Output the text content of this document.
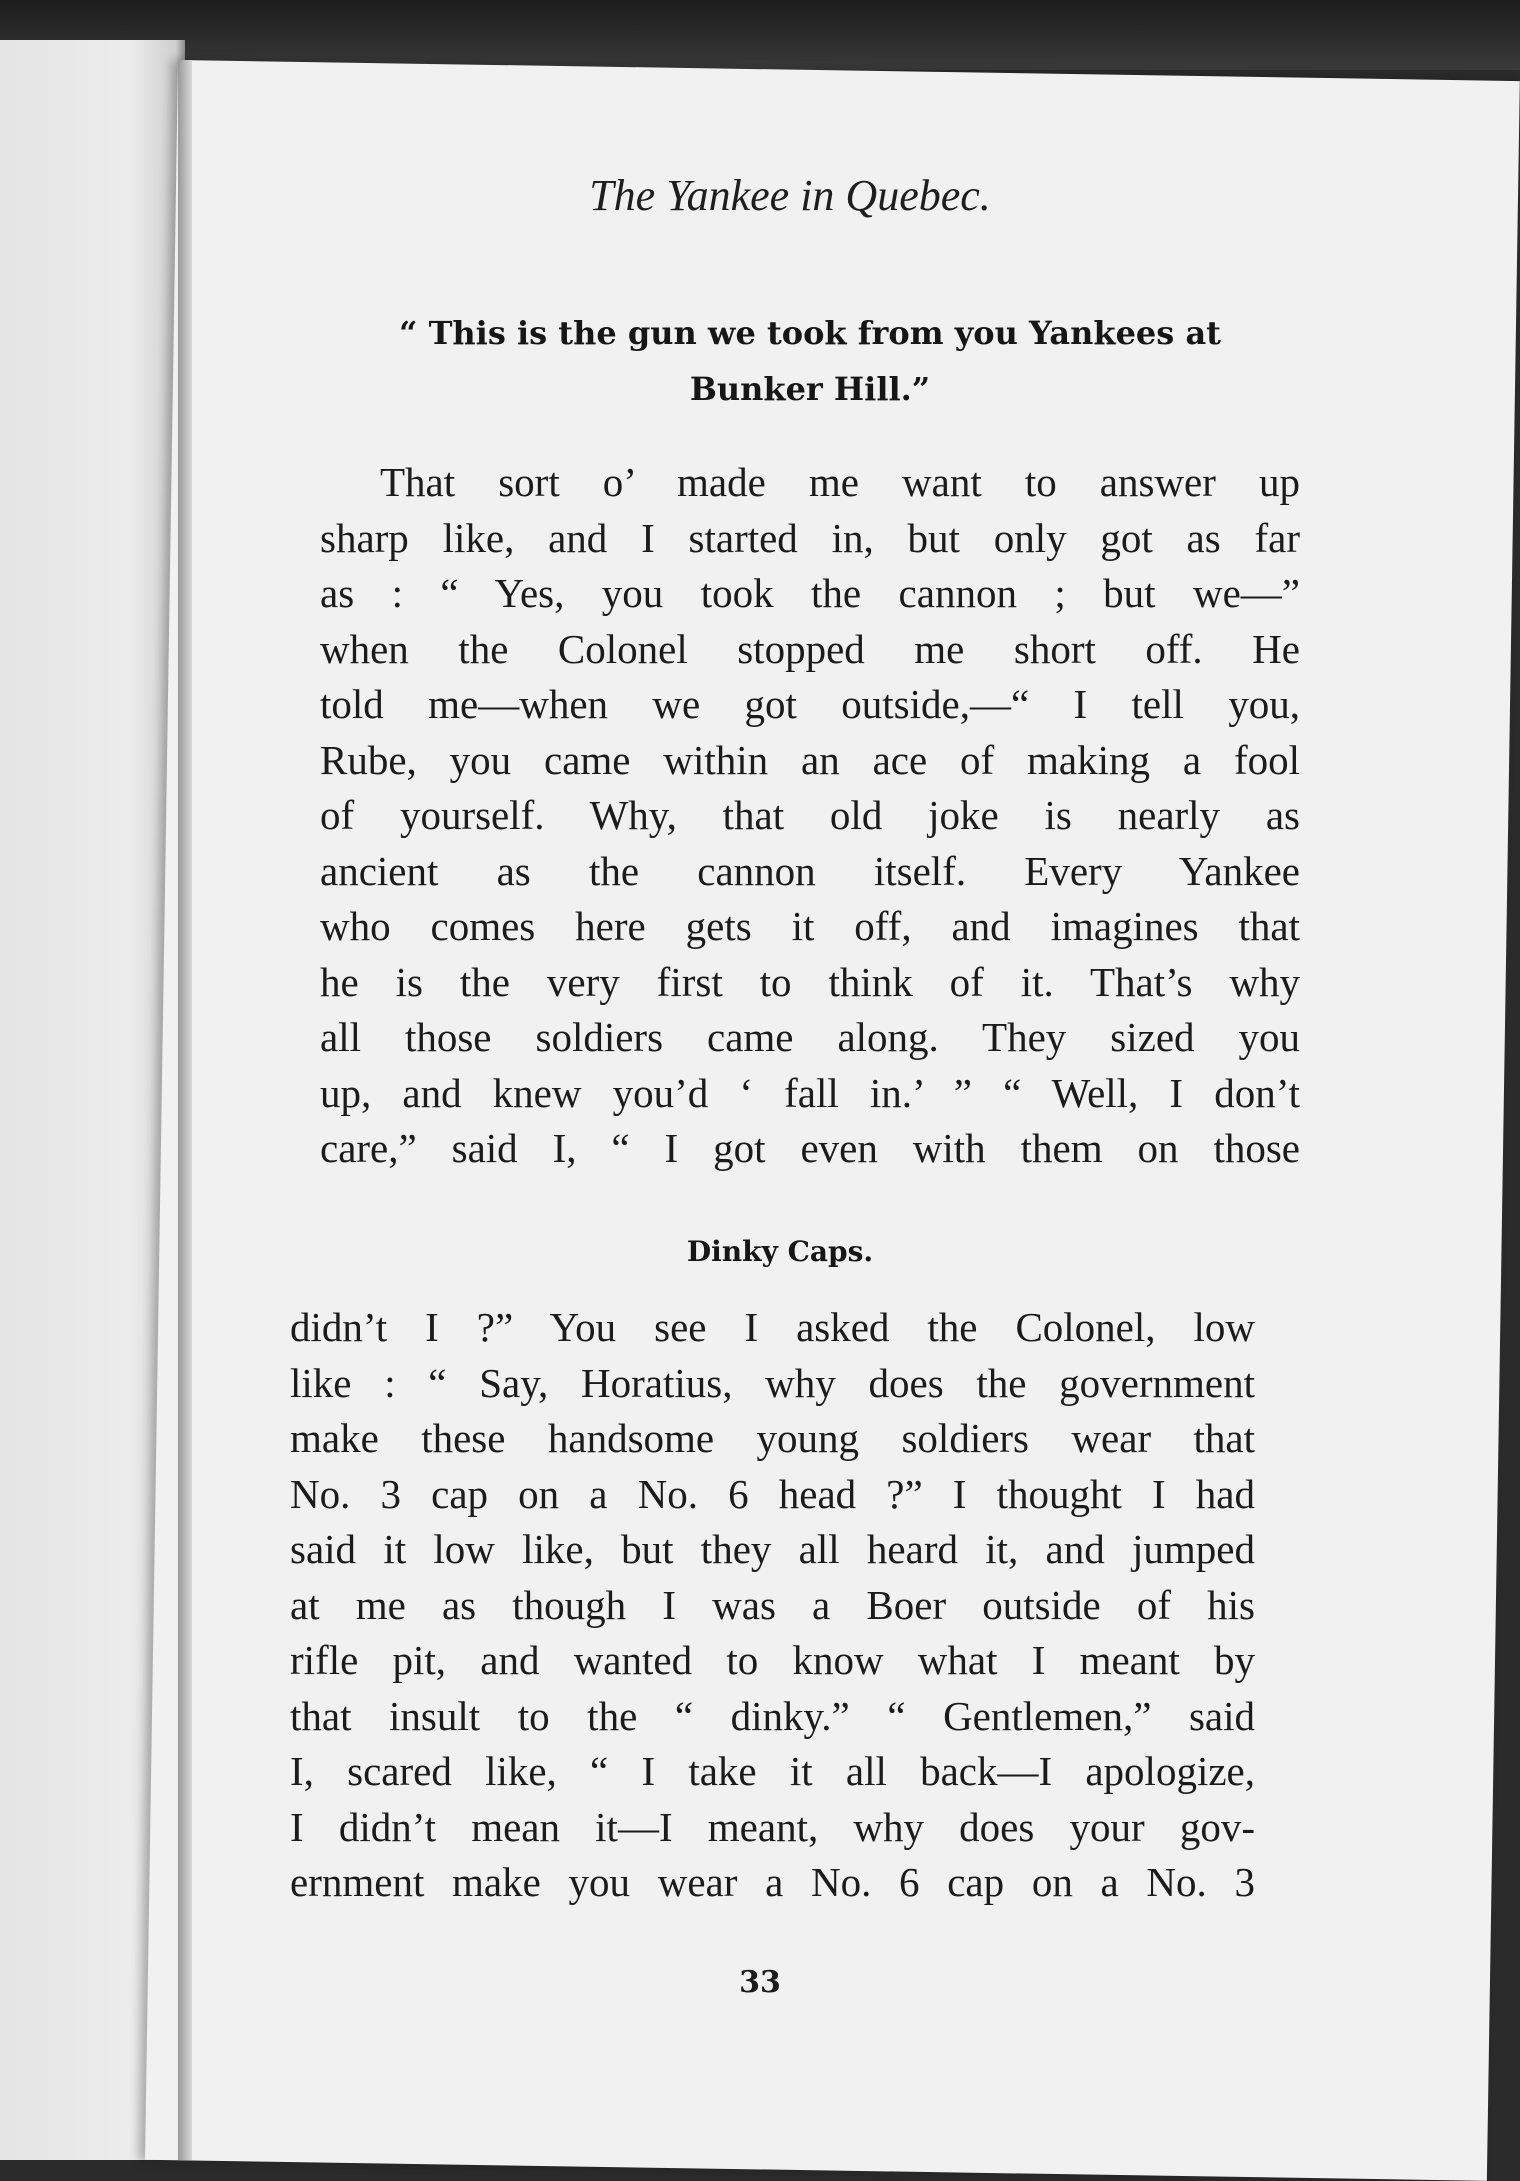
The Yankee in Quebec.
“ This is the gun we took from you Yankees at Bunker Hill.”
That sort o’ made me want to answer up
sharp like, and I started in, but only got as far
as : “ Yes, you took the cannon ; but we—”
when the Colonel stopped me short off. He
told me—when we got outside,—“ I tell you,
Rube, you came within an ace of making a fool
of yourself. Why, that old joke is nearly as
ancient as the cannon itself. Every Yankee
who comes here gets it off, and imagines that
he is the very first to think of it. That’s why
all those soldiers came along. They sized you
up, and knew you’d ‘ fall in.’ ” “ Well, I don’t
care,” said I, “ I got even with them on those
Dinky Caps.
didn’t I ?” You see I asked the Colonel, low
like : “ Say, Horatius, why does the government
make these handsome young soldiers wear that
No. 3 cap on a No. 6 head ?” I thought I had
said it low like, but they all heard it, and jumped
at me as though I was a Boer outside of his
rifle pit, and wanted to know what I meant by
that insult to the “ dinky.” “ Gentlemen,” said
I, scared like, “ I take it all back—I apologize,
I didn’t mean it—I meant, why does your gov-
ernment make you wear a No. 6 cap on a No. 3
33
